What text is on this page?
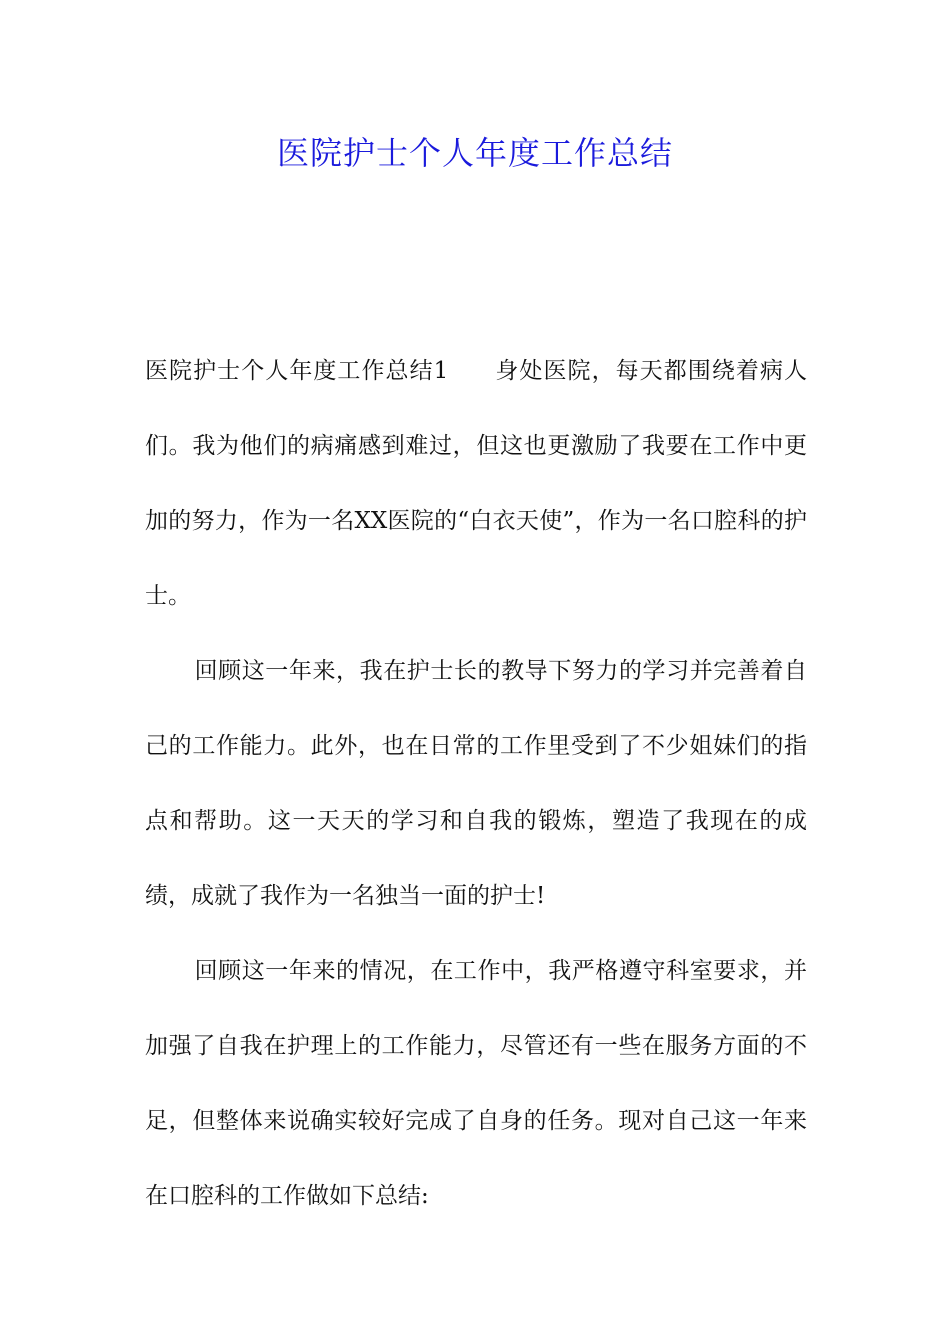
医院护士个人年度工作总结

医院护士个人年度工作总结1 身处医院，每天都围绕着病人们。我为他们的病痛感到难过，但这也更激励了我要在工作中更加的努力，作为一名XX医院的“白衣天使”，作为一名口腔科的护士。

回顾这一年来，我在护士长的教导下努力的学习并完善着自己的工作能力。此外，也在日常的工作里受到了不少姐妹们的指点和帮助。这一天天的学习和自我的锻炼，塑造了我现在的成绩，成就了我作为一名独当一面的护士!

回顾这一年来的情况，在工作中，我严格遵守科室要求，并加强了自我在护理上的工作能力，尽管还有一些在服务方面的不足，但整体来说确实较好完成了自身的任务。现对自己这一年来在口腔科的工作做如下总结:
